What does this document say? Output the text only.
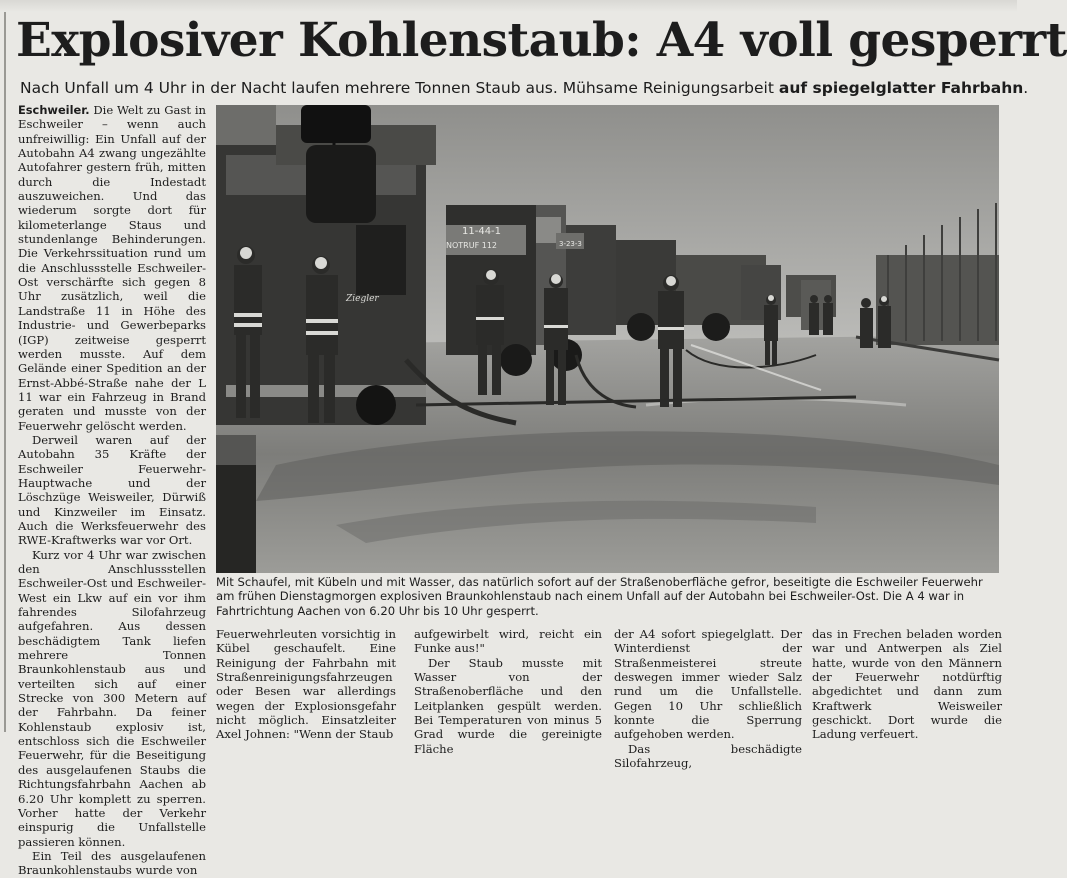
Explosiver Kohlenstaub: A4 voll gesperrt
Nach Unfall um 4 Uhr in der Nacht laufen mehrere Tonnen Staub aus. Mühsame Reinigungsarbeit auf spiegelglatter Fahrbahn.

Eschweiler. Die Welt zu Gast in Eschweiler – wenn auch unfreiwillig: Ein Unfall auf der Autobahn A4 zwang ungezählte Autofahrer gestern früh, mitten durch die Indestadt auszuweichen. Und das wiederum sorgte dort für kilometerlange Staus und stundenlange Behinderungen. Die Verkehrssituation rund um die Anschlussstelle Eschweiler-Ost verschärfte sich gegen 8 Uhr zusätzlich, weil die Landstraße 11 in Höhe des Industrie- und Gewerbeparks (IGP) zeitweise gesperrt werden musste. Auf dem Gelände einer Spedition an der Ernst-Abbé-Straße nahe der L 11 war ein Fahrzeug in Brand geraten und musste von der Feuerwehr gelöscht werden.

Derweil waren auf der Autobahn 35 Kräfte der Eschweiler Feuerwehr-Hauptwache und der Löschzüge Weisweiler, Dürwiß und Kinzweiler im Einsatz. Auch die Werksfeuerwehr des RWE-Kraftwerks war vor Ort.

Kurz vor 4 Uhr war zwischen den Anschlussstellen Eschweiler-Ost und Eschweiler-West ein Lkw auf ein vor ihm fahrendes Silofahrzeug aufgefahren. Aus dessen beschädigtem Tank liefen mehrere Tonnen Braunkohlenstaub aus und verteilten sich auf einer Strecke von 300 Metern auf der Fahrbahn. Da feiner Kohlenstaub explosiv ist, entschloss sich die Eschweiler Feuerwehr, für die Beseitigung des ausgelaufenen Staubs die Richtungsfahrbahn Aachen ab 6.20 Uhr komplett zu sperren. Vorher hatte der Verkehr einspurig die Unfallstelle passieren können.

Ein Teil des ausgelaufenen Braunkohlenstaubs wurde von

11-44-1
NOTRUF 112	3-23-3
Ziegler
Mit Schaufel, mit Kübeln und mit Wasser, das natürlich sofort auf der Straßenoberfläche gefror, beseitigte die Eschweiler Feuerwehr am frühen Dienstagmorgen explosiven Braunkohlenstaub nach einem Unfall auf der Autobahn bei Eschweiler-Ost. Die A 4 war in Fahrtrichtung Aachen von 6.20 Uhr bis 10 Uhr gesperrt.

Feuerwehrleuten vorsichtig in Kübel geschaufelt. Eine Reinigung der Fahrbahn mit Straßenreinigungsfahrzeugen oder Besen war allerdings wegen der Explosionsgefahr nicht möglich. Einsatzleiter Axel Johnen: "Wenn der Staub

aufgewirbelt wird, reicht ein Funke aus!"

Der Staub musste mit Wasser von der Straßenoberfläche und den Leitplanken gespült werden. Bei Temperaturen von minus 5 Grad wurde die gereinigte Fläche

der A4 sofort spiegelglatt. Der Winterdienst der Straßenmeisterei streute deswegen immer wieder Salz rund um die Unfallstelle. Gegen 10 Uhr schließlich konnte die Sperrung aufgehoben werden.

Das beschädigte Silofahrzeug,

das in Frechen beladen worden war und Antwerpen als Ziel hatte, wurde von den Männern der Feuerwehr notdürftig abgedichtet und dann zum Kraftwerk Weisweiler geschickt. Dort wurde die Ladung verfeuert.
